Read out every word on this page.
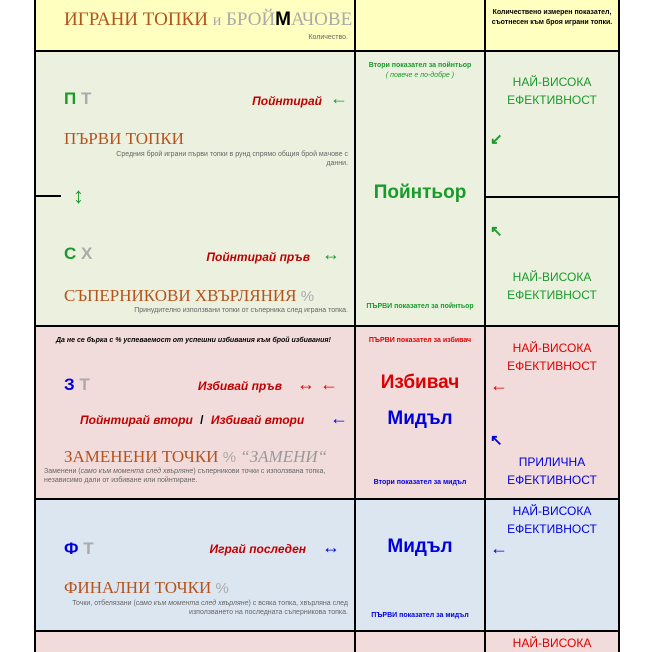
ИГРАНИ ТОПКИ и БРОЙМАЧОВЕ
Количество.
Количествено измерен показател, съотнесен към броя играни топки.
П Т	Пойнтирай ←
ПЪРВИ ТОПКИ
Средния брой играни първи топки в рунд спрямо общия брой мачове с данни.
↕
С Х	Пойнтирай пръв ↔
СЪПЕРНИКОВИ ХВЪРЛЯНИЯ %
Принудително използвани топки от съперника след игрaна топка.
Втори показател за пойнтьор
( повече е по-добре )
Пойнтьор
ПЪРВИ показател за пойнтьор
НАЙ-ВИСОКА
ЕФЕКТИВНОСТ
↙
↖
НАЙ-ВИСОКА
ЕФЕКТИВНОСТ
Да не се бърка с % успеваемост от успешни избивания към брой избивания!
З Т	Избивай пръв ↔ ←
Пойнтирай втори / Избивай втори ←
ЗАМЕНЕНИ ТОЧКИ % “ЗАМЕНИ“
Заменени (само към момента след хвърляне) съперникови точки с използвана топка, независимо дали от избиване или пойнтиране.
ПЪРВИ показател за избивач
Избивач
Мидъл
Втори показател за мидъл
НАЙ-ВИСОКА
ЕФЕКТИВНОСТ
←
↖
ПРИЛИЧНА
ЕФЕКТИВНОСТ
Ф Т	Играй последен ↔
ФИНАЛНИ ТОЧКИ %
Точки, отбелязани (само към момента след хвърляне) с всяка топка, хвърляна след използването на последната съперникова топка.
Мидъл
ПЪРВИ показател за мидъл
НАЙ-ВИСОКА
ЕФЕКТИВНОСТ
←
НАЙ-ВИСОКА
